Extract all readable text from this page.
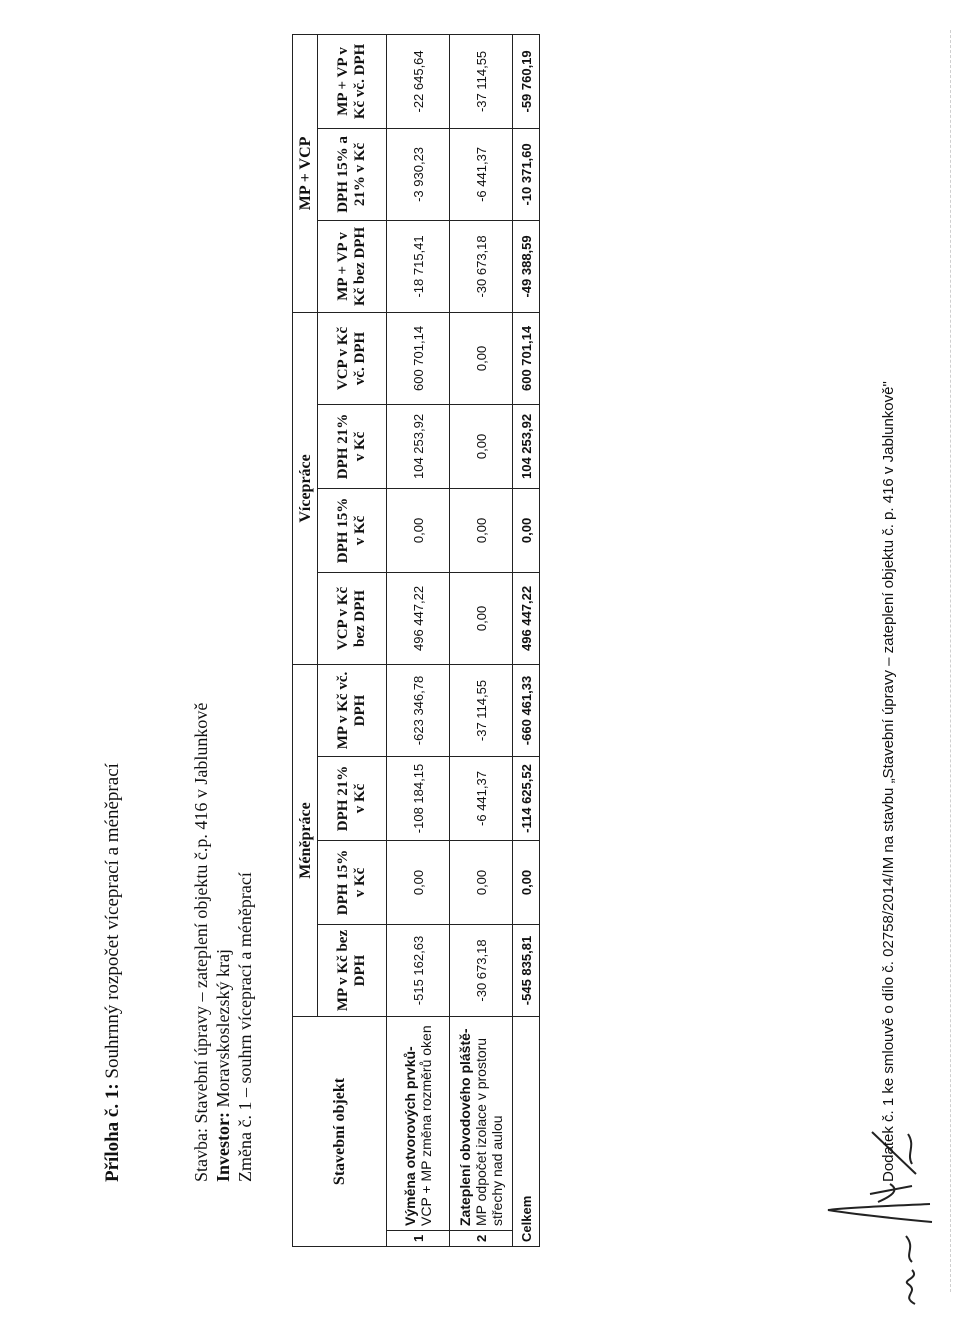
Příloha č. 1: Souhrnný rozpočet víceprací a méněprací
Stavba: Stavební úpravy – zateplení objektu č.p. 416 v Jablunkově
Investor: Moravskoslezský kraj Změna č. 1 – souhrn víceprací a méněprací	Stavební objekt		Méněpráce				Vícepráce				MP + VCP		
		MP v Kč bez DPH	DPH 15% v Kč	DPH 21% v Kč	MP v Kč vč. DPH	VCP v Kč bez DPH	DPH 15% v Kč	DPH 21% v Kč	VCP v Kč vč. DPH	MP + VP v Kč bez DPH	DPH 15% a 21% v Kč	MP + VP v Kč vč. DPH
1	Výměna otvorových prvků-
VCP + MP změna rozměrů oken	-515 162,63	0,00	-108 184,15	-623 346,78	496 447,22	0,00	104 253,92	600 701,14	-18 715,41	-3 930,23	-22 645,64
2	Zateplení obvodového pláště- MP odpočet izolace v prostoru střechy nad aulou	-30 673,18	0,00	-6 441,37	-37 114,55	0,00	0,00	0,00	0,00	-30 673,18	-6 441,37	-37 114,55
Celkem		-545 835,81	0,00	-114 625,52	-660 461,33	496 447,22	0,00	104 253,92	600 701,14	-49 388,59	-10 371,60	-59 760,19
Dodatek č. 1 ke smlouvě o dílo č. 02758/2014/IM na stavbu „Stavební úpravy – zateplení objektu č. p. 416 v Jablunkově"
